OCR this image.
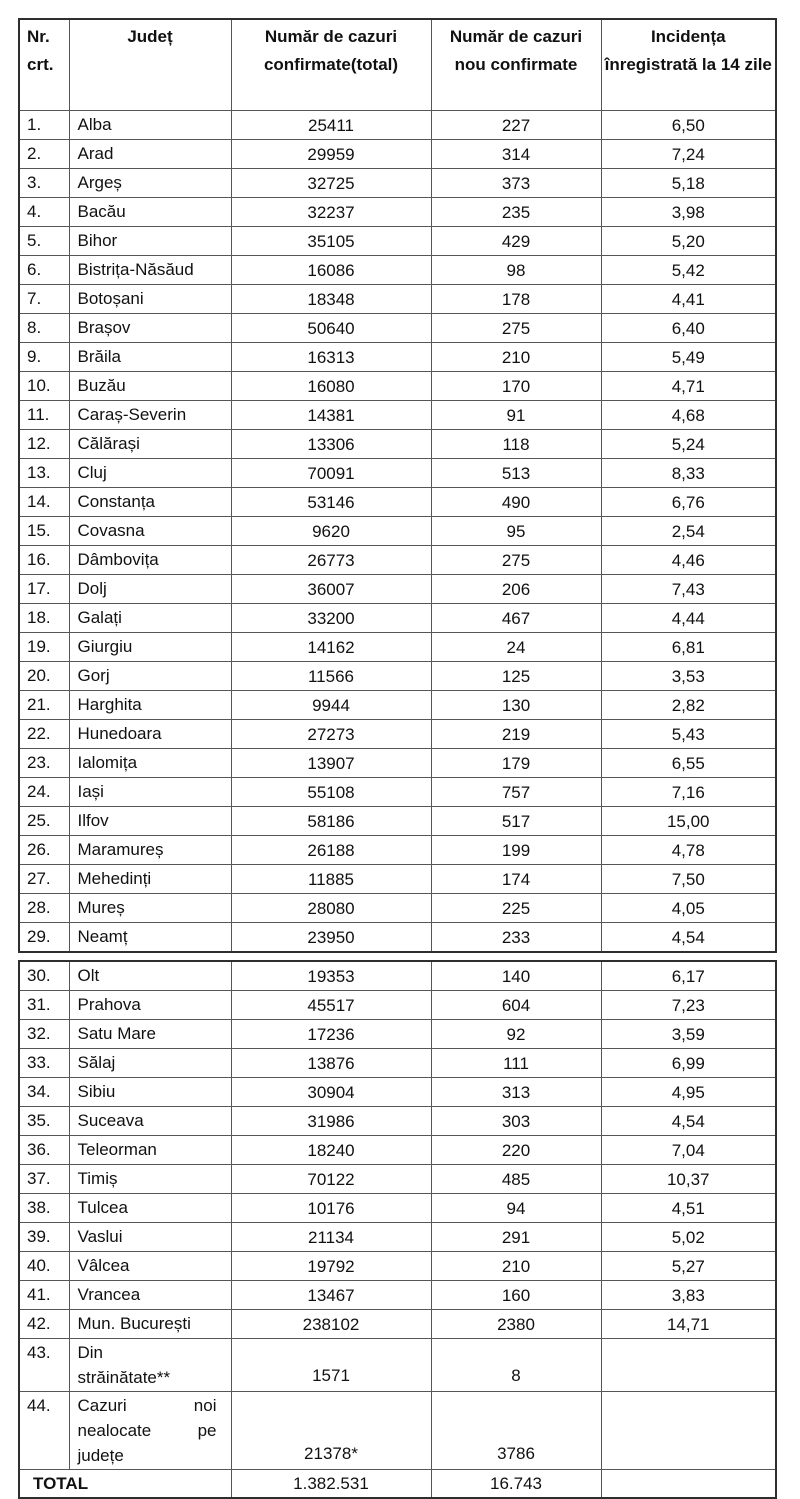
Nr. crt.	Județ	Număr de cazuri confirmate(total)	Număr de cazuri nou confirmate	Incidența înregistrată la 14 zile
1.	Alba	25411	227	6,50
2.	Arad	29959	314	7,24
3.	Argeș	32725	373	5,18
4.	Bacău	32237	235	3,98
5.	Bihor	35105	429	5,20
6.	Bistrița-Năsăud	16086	98	5,42
7.	Botoșani	18348	178	4,41
8.	Brașov	50640	275	6,40
9.	Brăila	16313	210	5,49
10.	Buzău	16080	170	4,71
11.	Caraș-Severin	14381	91	4,68
12.	Călărași	13306	118	5,24
13.	Cluj	70091	513	8,33
14.	Constanța	53146	490	6,76
15.	Covasna	9620	95	2,54
16.	Dâmbovița	26773	275	4,46
17.	Dolj	36007	206	7,43
18.	Galați	33200	467	4,44
19.	Giurgiu	14162	24	6,81
20.	Gorj	11566	125	3,53
21.	Harghita	9944	130	2,82
22.	Hunedoara	27273	219	5,43
23.	Ialomița	13907	179	6,55
24.	Iași	55108	757	7,16
25.	Ilfov	58186	517	15,00
26.	Maramureș	26188	199	4,78
27.	Mehedinți	11885	174	7,50
28.	Mureș	28080	225	4,05
29.	Neamț	23950	233	4,54
30.	Olt	19353	140	6,17
31.	Prahova	45517	604	7,23
32.	Satu Mare	17236	92	3,59
33.	Sălaj	13876	111	6,99
34.	Sibiu	30904	313	4,95
35.	Suceava	31986	303	4,54
36.	Teleorman	18240	220	7,04
37.	Timiș	70122	485	10,37
38.	Tulcea	10176	94	4,51
39.	Vaslui	21134	291	5,02
40.	Vâlcea	19792	210	5,27
41.	Vrancea	13467	160	3,83
42.	Mun. București	238102	2380	14,71
43.	Din străinătate**	1571	8	
44.	Cazuri noi nealocate pe județe	21378*	3786	
TOTAL		1.382.531	16.743	
